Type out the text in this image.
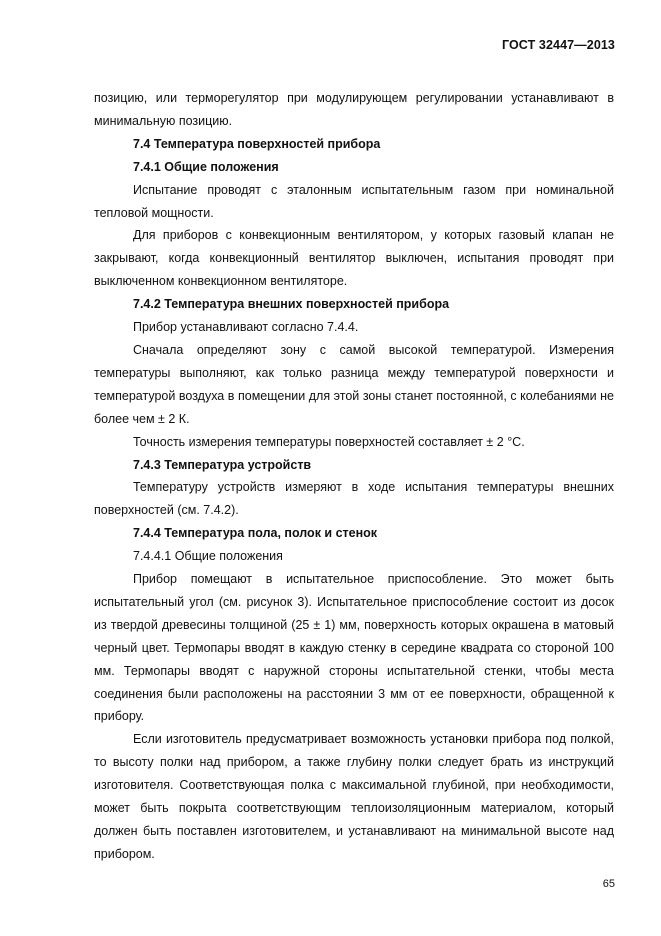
ГОСТ 32447—2013

позицию, или терморегулятор при модулирующем регулировании устанавливают в минимальную позицию.

7.4 Температура поверхностей прибора

7.4.1 Общие положения

Испытание проводят с эталонным испытательным газом при номинальной тепловой мощности.

Для приборов с конвекционным вентилятором, у которых газовый клапан не закрывают, когда конвекционный вентилятор выключен, испытания проводят при выключенном конвекционном вентиляторе.

7.4.2 Температура внешних поверхностей прибора

Прибор устанавливают согласно 7.4.4.

Сначала определяют зону с самой высокой температурой. Измерения температуры выполняют, как только разница между температурой поверхности и температурой воздуха в помещении для этой зоны станет постоянной, с колебаниями не более чем ± 2 К.

Точность измерения температуры поверхностей составляет ± 2 °С.

7.4.3 Температура устройств

Температуру устройств измеряют в ходе испытания температуры внешних поверхностей (см. 7.4.2).

7.4.4 Температура пола, полок и стенок

7.4.4.1 Общие положения

Прибор помещают в испытательное приспособление. Это может быть испытательный угол (см. рисунок 3). Испытательное приспособление состоит из досок из твердой древесины толщиной (25 ± 1) мм, поверхность которых окрашена в матовый черный цвет. Термопары вводят в каждую стенку в середине квадрата со стороной 100 мм. Термопары вводят с наружной стороны испытательной стенки, чтобы места соединения были расположены на расстоянии 3 мм от ее поверхности, обращенной к прибору.

Если изготовитель предусматривает возможность установки прибора под полкой, то высоту полки над прибором, а также глубину полки следует брать из инструкций изготовителя. Соответствующая полка с максимальной глубиной, при необходимости, может быть покрыта соответствующим теплоизоляционным материалом, который должен быть поставлен изготовителем, и устанавливают на минимальной высоте над прибором.

65
